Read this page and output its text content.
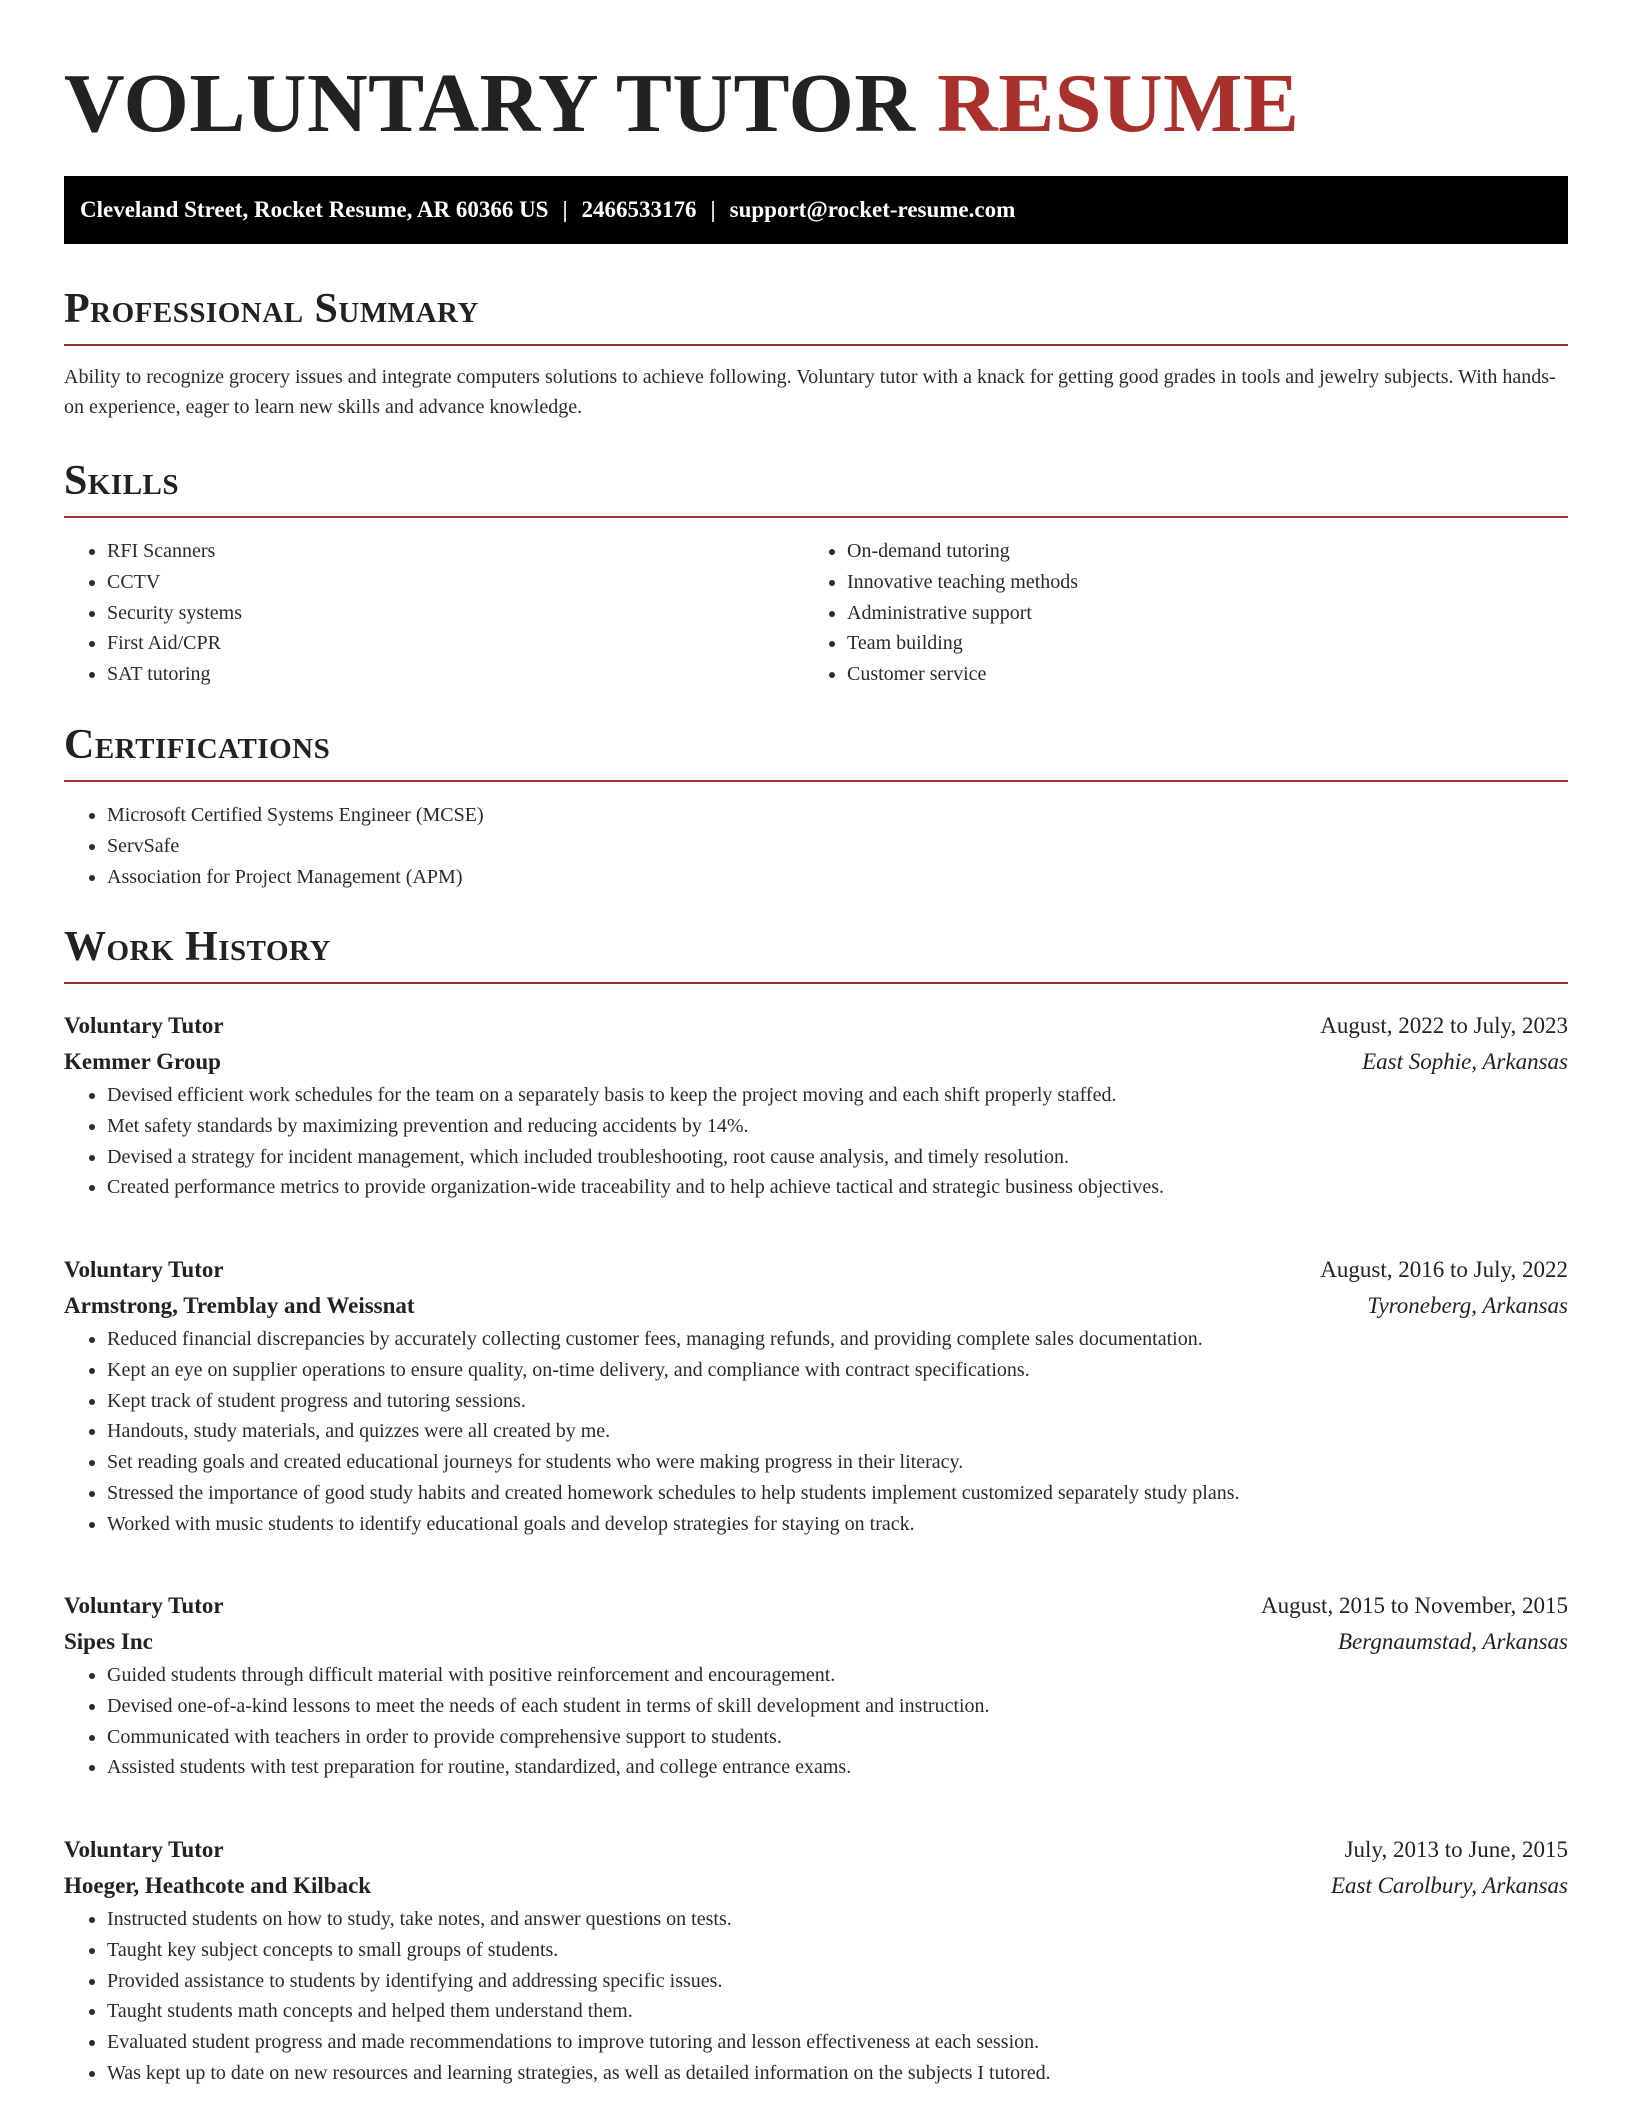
VOLUNTARY TUTOR RESUME
Cleveland Street, Rocket Resume, AR 60366 US | 2466533176 | support@rocket-resume.com
Professional Summary

Ability to recognize grocery issues and integrate computers solutions to achieve following. Voluntary tutor with a knack for getting good grades in tools and jewelry subjects. With hands-on experience, eager to learn new skills and advance knowledge.

Skills
• RFI Scanners
• CCTV
• Security systems
• First Aid/CPR
• SAT tutoring
• On-demand tutoring
• Innovative teaching methods
• Administrative support
• Team building
• Customer service
Certifications
• Microsoft Certified Systems Engineer (MCSE)
• ServSafe
• Association for Project Management (APM)
Work History
Voluntary Tutor	August, 2022 to July, 2023
Kemmer Group	East Sophie, Arkansas
• Devised efficient work schedules for the team on a separately basis to keep the project moving and each shift properly staffed.
• Met safety standards by maximizing prevention and reducing accidents by 14%.
• Devised a strategy for incident management, which included troubleshooting, root cause analysis, and timely resolution.
• Created performance metrics to provide organization-wide traceability and to help achieve tactical and strategic business objectives.
Voluntary Tutor	August, 2016 to July, 2022
Armstrong, Tremblay and Weissnat	Tyroneberg, Arkansas
• Reduced financial discrepancies by accurately collecting customer fees, managing refunds, and providing complete sales documentation.
• Kept an eye on supplier operations to ensure quality, on-time delivery, and compliance with contract specifications.
• Kept track of student progress and tutoring sessions.
• Handouts, study materials, and quizzes were all created by me.
• Set reading goals and created educational journeys for students who were making progress in their literacy.
• Stressed the importance of good study habits and created homework schedules to help students implement customized separately study plans.
• Worked with music students to identify educational goals and develop strategies for staying on track.
Voluntary Tutor	August, 2015 to November, 2015
Sipes Inc	Bergnaumstad, Arkansas
• Guided students through difficult material with positive reinforcement and encouragement.
• Devised one-of-a-kind lessons to meet the needs of each student in terms of skill development and instruction.
• Communicated with teachers in order to provide comprehensive support to students.
• Assisted students with test preparation for routine, standardized, and college entrance exams.
Voluntary Tutor	July, 2013 to June, 2015
Hoeger, Heathcote and Kilback	East Carolbury, Arkansas
• Instructed students on how to study, take notes, and answer questions on tests.
• Taught key subject concepts to small groups of students.
• Provided assistance to students by identifying and addressing specific issues.
• Taught students math concepts and helped them understand them.
• Evaluated student progress and made recommendations to improve tutoring and lesson effectiveness at each session.
• Was kept up to date on new resources and learning strategies, as well as detailed information on the subjects I tutored.
